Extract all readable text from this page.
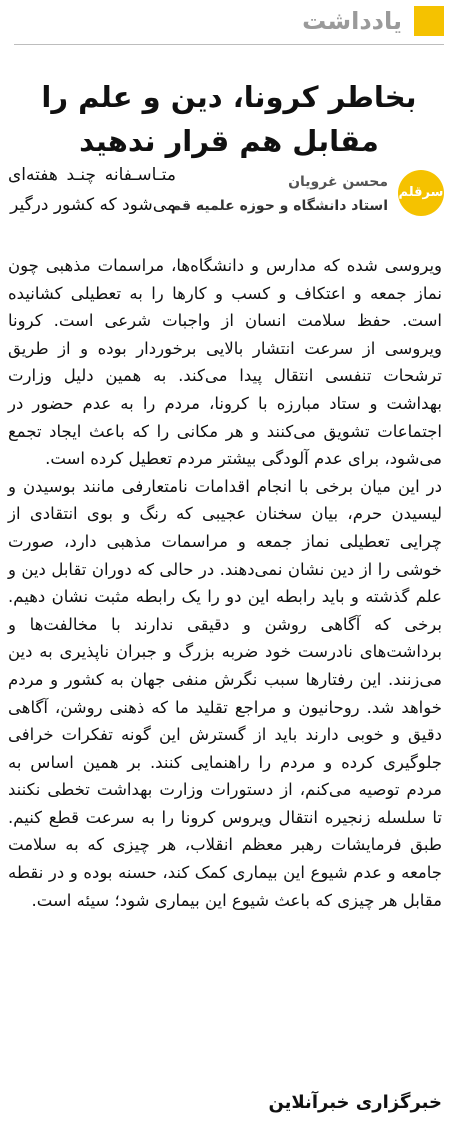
یادداشت
بخاطر کرونا، دین و علم را مقابل هم قرار ندهید
سرقلم
محسن غرویان
استاد دانشگاه و حوزه علمیه قم
متـاسـفانه چنـد هفته‌ای می‌شود که کشور درگیر

ویروسی شده که مدارس و دانشگاه‌ها، مراسمات مذهبی چون نماز جمعه و اعتکاف و کسب و کارها را به تعطیلی کشانیده است. حفظ سلامت انسان از واجبات شرعی است. کرونا ویروسی از سرعت انتشار بالایی برخوردار بوده و از طریق ترشحات تنفسی انتقال پیدا می‌کند. به همین دلیل وزارت بهداشت و ستاد مبارزه با کرونا، مردم را به عدم حضور در اجتماعات تشویق می‌کنند و هر مکانی را که باعث ایجاد تجمع می‌شود، برای عدم آلودگی بیشتر مردم تعطیل کرده است.

در این میان برخی با انجام اقدامات نامتعارفی مانند بوسیدن و لیسیدن حرم، بیان سخنان عجیبی که رنگ و بوی انتقادی از چرایی تعطیلی نماز جمعه و مراسمات مذهبی دارد، صورت خوشی را از دین نشان نمی‌دهند. در حالی که دوران تقابل دین و علم گذشته و باید رابطه این دو را یک رابطه مثبت نشان دهیم. برخی که آگاهی روشن و دقیقی ندارند با مخالفت‌ها و برداشت‌های نادرست خود ضربه بزرگ و جبران ناپذیری به دین می‌زنند. این رفتارها سبب نگرش منفی جهان به کشور و مردم خواهد شد. روحانیون و مراجع تقلید ما که ذهنی روشن، آگاهی دقیق و خوبی دارند باید از گسترش این گونه تفکرات خرافی جلوگیری کرده و مردم را راهنمایی کنند. بر همین اساس به مردم توصیه می‌کنم، از دستورات وزارت بهداشت تخطی نکنند تا سلسله زنجیره انتقال ویروس کرونا را به سرعت قطع کنیم. طبق فرمایشات رهبر معظم انقلاب، هر چیزی که به سلامت جامعه و عدم شیوع این بیماری کمک کند، حسنه بوده و در نقطه مقابل هر چیزی که باعث شیوع این بیماری شود؛ سیئه است.

خبرگزاری خبرآنلاین
